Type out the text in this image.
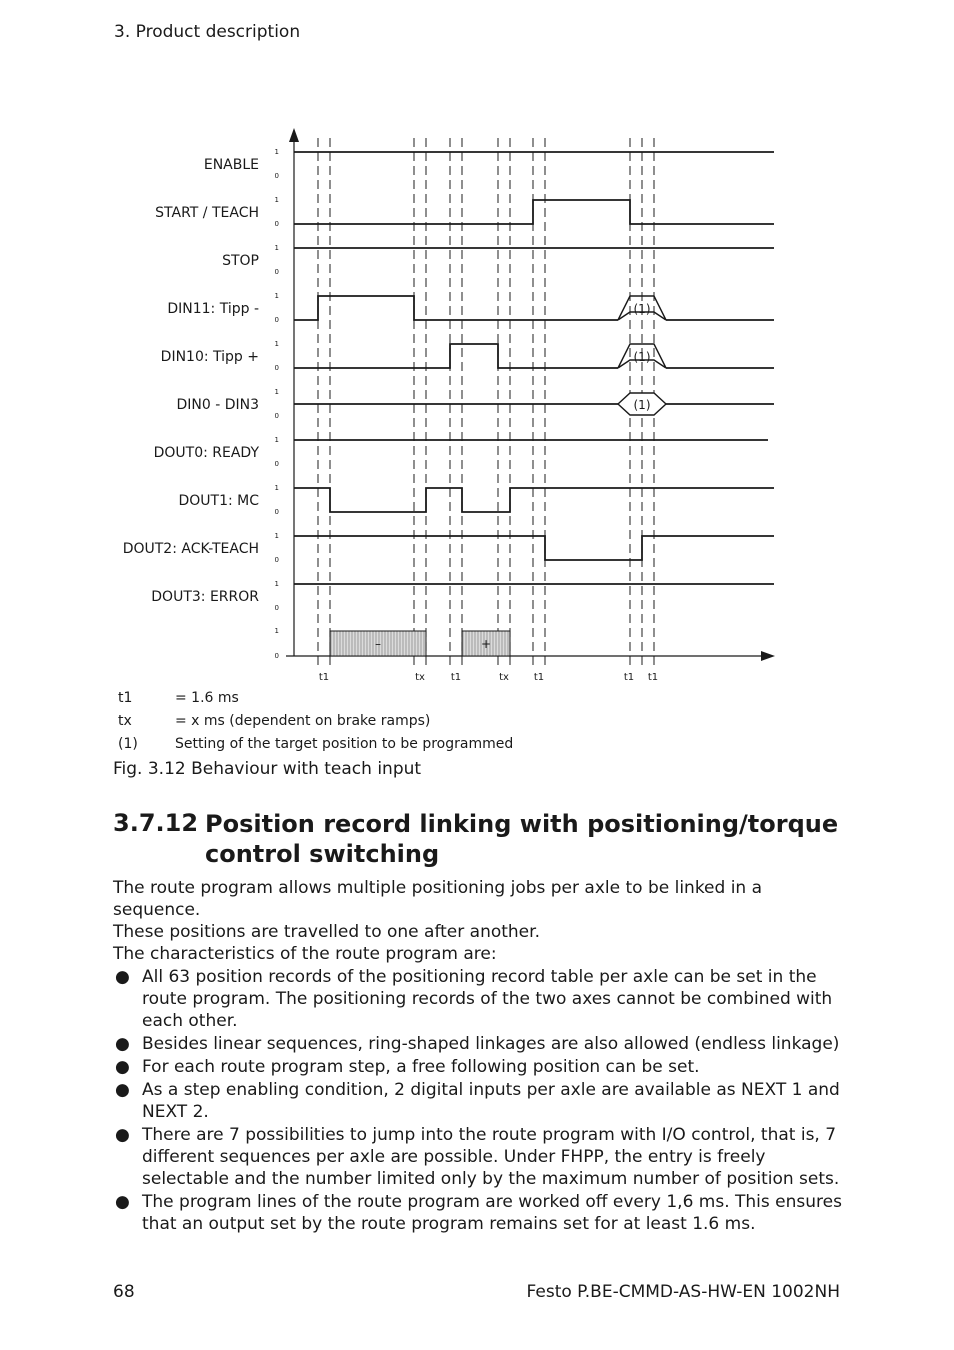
3. Product description
ENABLE
1
0
START / TEACH
1
0
STOP
1
0
DIN11: Tipp -
1
0
(1)
DIN10: Tipp +
1
0
(1)
DIN0 - DIN3
1
0
(1)
DOUT0: READY
1
0
DOUT1: MC
1
0
DOUT2: ACK-TEACH
1
0
DOUT3: ERROR
1
0
1
0
–	+
t1	tx	t1	tx t1	t1 t1
t1	= 1.6 ms
tx	= x ms (dependent on brake ramps)
(1)	Setting of the target position to be programmed
Fig. 3.12 Behaviour with teach input
3.7.12 Position record linking with positioning/torque control switching

The route program allows multiple positioning jobs per axle to be linked in a sequence.

These positions are travelled to one after another.

The characteristics of the route program are:

● All 63 position records of the positioning record table per axle can be set in the route program. The positioning records of the two axes cannot be combined with each other.
● Besides linear sequences, ring-shaped linkages are also allowed (endless linkage)
● For each route program step, a free following position can be set.
● As a step enabling condition, 2 digital inputs per axle are available as NEXT 1 and NEXT 2.
● There are 7 possibilities to jump into the route program with I/O control, that is, 7 different sequences per axle are possible. Under FHPP, the entry is freely selectable and the number limited only by the maximum number of position sets.
● The program lines of the route program are worked off every 1,6 ms. This ensures that an output set by the route program remains set for at least 1.6 ms.
68	Festo P.BE-CMMD-AS-HW-EN 1002NH
